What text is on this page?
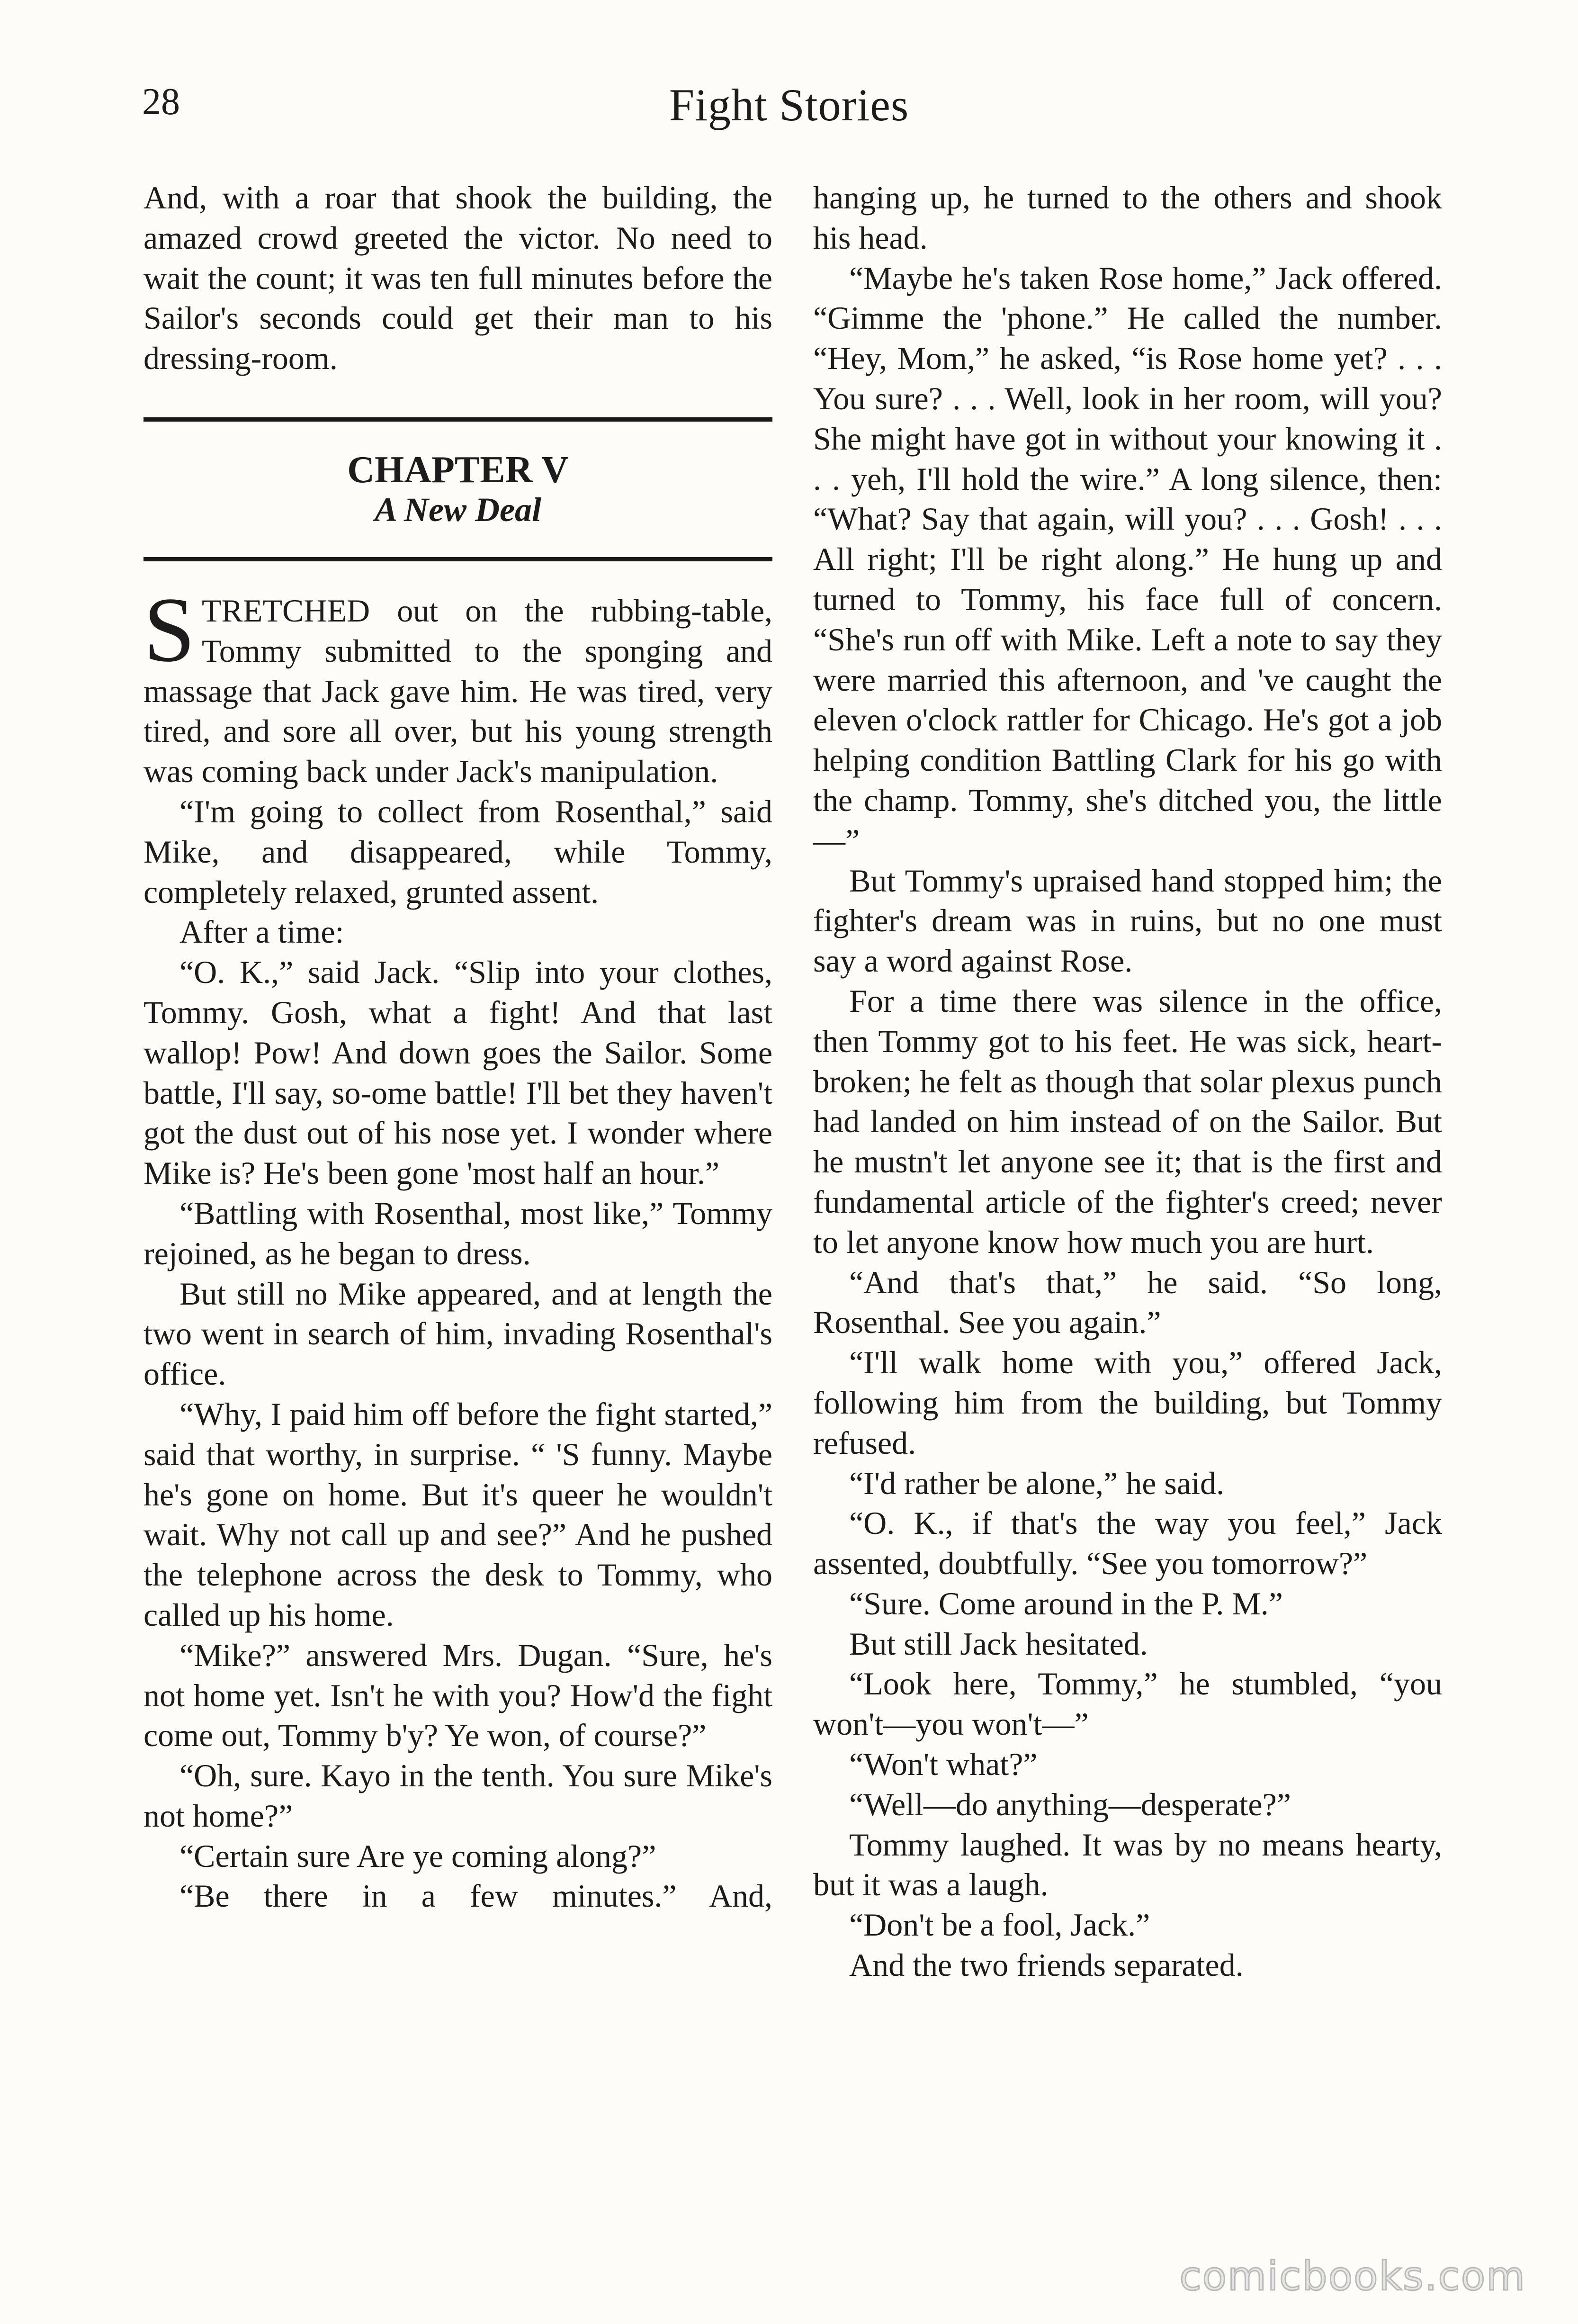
28	Fight Stories

And, with a roar that shook the building, the amazed crowd greeted the victor. No need to wait the count; it was ten full minutes before the Sailor's seconds could get their man to his dressing-room.

CHAPTER V
A New Deal

STRETCHED out on the rubbing-table, Tommy submitted to the sponging and massage that Jack gave him. He was tired, very tired, and sore all over, but his young strength was coming back under Jack's manipulation.

“I'm going to collect from Rosenthal,” said Mike, and disappeared, while Tommy, completely relaxed, grunted assent.

After a time:

“O. K.,” said Jack. “Slip into your clothes, Tommy. Gosh, what a fight! And that last wallop! Pow! And down goes the Sailor. Some battle, I'll say, so-ome battle! I'll bet they haven't got the dust out of his nose yet. I wonder where Mike is? He's been gone 'most half an hour.”

“Battling with Rosenthal, most like,” Tommy rejoined, as he began to dress.

But still no Mike appeared, and at length the two went in search of him, invading Rosenthal's office.

“Why, I paid him off before the fight started,” said that worthy, in surprise. “ 'S funny. Maybe he's gone on home. But it's queer he wouldn't wait. Why not call up and see?” And he pushed the telephone across the desk to Tommy, who called up his home.

“Mike?” answered Mrs. Dugan. “Sure, he's not home yet. Isn't he with you? How'd the fight come out, Tommy b'y? Ye won, of course?”

“Oh, sure. Kayo in the tenth. You sure Mike's not home?”

“Certain sure Are ye coming along?”

“Be there in a few minutes.” And,

hanging up, he turned to the others and shook his head.

“Maybe he's taken Rose home,” Jack offered. “Gimme the 'phone.” He called the number. “Hey, Mom,” he asked, “is Rose home yet? . . . You sure? . . . Well, look in her room, will you? She might have got in without your knowing it . . . yeh, I'll hold the wire.” A long silence, then: “What? Say that again, will you? . . . Gosh! . . . All right; I'll be right along.” He hung up and turned to Tommy, his face full of concern. “She's run off with Mike. Left a note to say they were married this afternoon, and 've caught the eleven o'clock rattler for Chicago. He's got a job helping condition Battling Clark for his go with the champ. Tommy, she's ditched you, the little—”

But Tommy's upraised hand stopped him; the fighter's dream was in ruins, but no one must say a word against Rose.

For a time there was silence in the office, then Tommy got to his feet. He was sick, heart-broken; he felt as though that solar plexus punch had landed on him instead of on the Sailor. But he mustn't let anyone see it; that is the first and fundamental article of the fighter's creed; never to let anyone know how much you are hurt.

“And that's that,” he said. “So long, Rosenthal. See you again.”

“I'll walk home with you,” offered Jack, following him from the building, but Tommy refused.

“I'd rather be alone,” he said.

“O. K., if that's the way you feel,” Jack assented, doubtfully. “See you tomorrow?”

“Sure. Come around in the P. M.”

But still Jack hesitated.

“Look here, Tommy,” he stumbled, “you won't—you won't—”

“Won't what?”

“Well—do anything—desperate?”

Tommy laughed. It was by no means hearty, but it was a laugh.

“Don't be a fool, Jack.”

And the two friends separated.

comicbooks.com
